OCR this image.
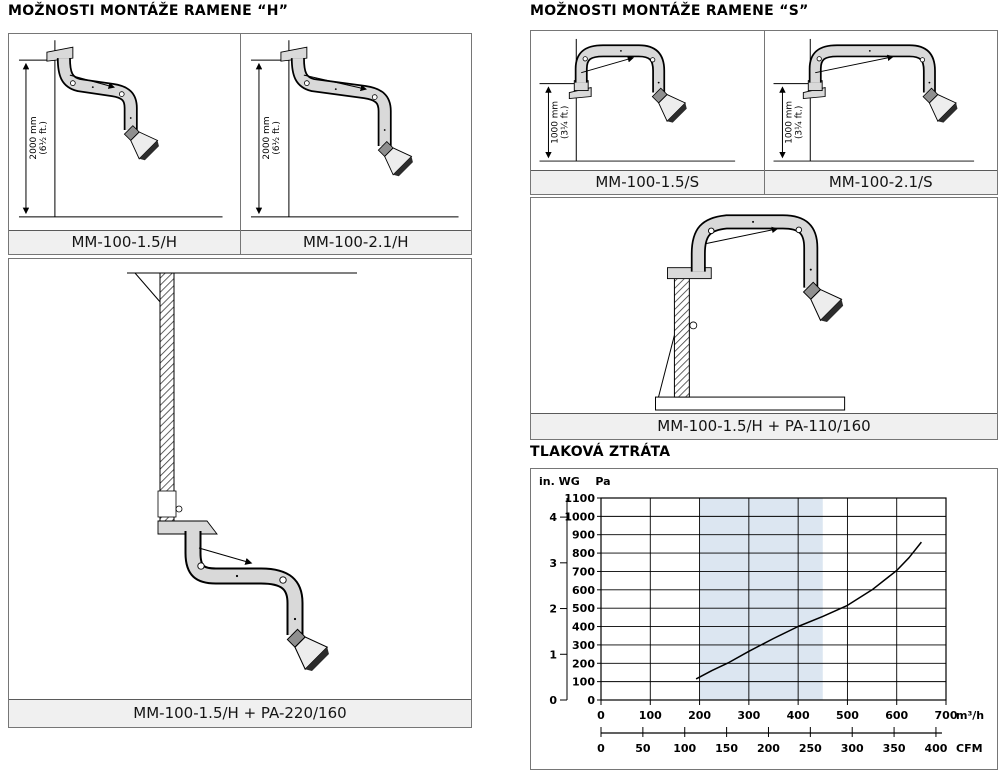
MOŽNOSTI MONTÁŽE RAMENE “H”
2000 mm (6½ ft.)
MM-100-1.5/H
2000 mm (6½ ft.)
MM-100-2.1/H
MM-100-1.5/H + PA-220/160
MOŽNOSTI MONTÁŽE RAMENE “S”
1000 mm (3¼ ft.)
MM-100-1.5/S
1000 mm (3¼ ft.)
MM-100-2.1/S
MM-100-1.5/H + PA-110/160
TLAKOVÁ ZTRÁTA
Pa
0
100
200
300
400
500
600
700
800
900
1000
1100
in. WG
0
1
2
3
4
0	100 200 300 400 500 600 700
m³/h
0	50 100 150 200 250 300 350 400 CFM
